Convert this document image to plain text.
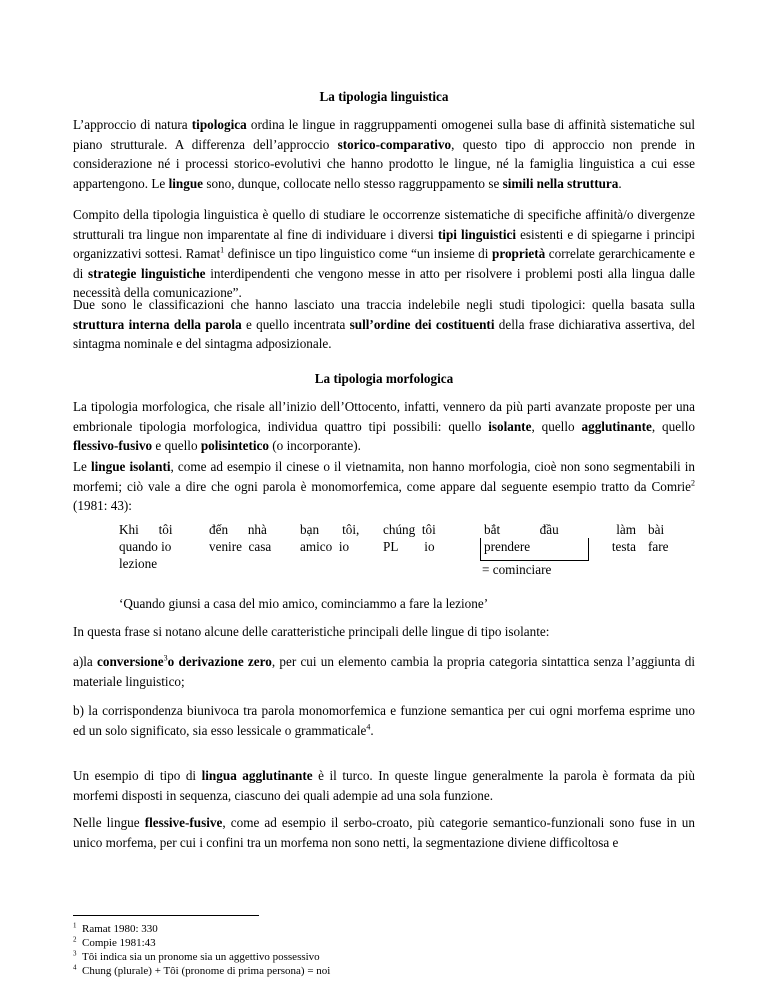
La tipologia linguistica
L’approccio di natura tipologica ordina le lingue in raggruppamenti omogenei sulla base di affinità sistematiche sul piano strutturale. A differenza dell’approccio storico-comparativo, questo tipo di approccio non prende in considerazione né i processi storico-evolutivi che hanno prodotto le lingue, né la famiglia linguistica a cui esse appartengono. Le lingue sono, dunque, collocate nello stesso raggruppamento se simili nella struttura.
Compito della tipologia linguistica è quello di studiare le occorrenze sistematiche di specifiche affinità/o divergenze strutturali tra lingue non imparentate al fine di individuare i diversi tipi linguistici esistenti e di spiegarne i principi organizzativi sottesi. Ramat$^1$ definisce un tipo linguistico come “un insieme di proprietà correlate gerarchicamente e di strategie linguistiche interdipendenti che vengono messe in atto per risolvere i problemi posti alla lingua dalle necessità della comunicazione”.
Due sono le classificazioni che hanno lasciato una traccia indelebile negli studi tipologici: quella basata sulla struttura interna della parola e quello incentrata sull’ordine dei costituenti della frase dichiarativa assertiva, del sintagma nominale e del sintagma adposizionale.
La tipologia morfologica
La tipologia morfologica, che risale all’inizio dell’Ottocento, infatti, vennero da più parti avanzate proposte per una embrionale tipologia morfologica, individua quattro tipi possibili: quello isolante, quello agglutinante, quello flessivo-fusivo e quello polisintetico (o incorporante).
Le lingue isolanti, come ad esempio il cinese o il vietnamita, non hanno morfologia, cioè non sono segmentabili in morfemi; ciò vale a dire che ogni parola è monomorfemica, come appare dal seguente esempio tratto da Comrie$^2$ (1981: 43):
Khi      tôi
quando io
lezione
đến      nhà
venire  casa
bạn       tôi,
amico  io
chúng  tôi
PL        io
bắt            đầu
prendere
làm
testa
bài
fare
= cominciare
‘Quando giunsi a casa del mio amico, cominciammo a fare la lezione’
In questa frase si notano alcune delle caratteristiche principali delle lingue di tipo isolante:
a)la conversione$^3$o derivazione zero, per cui un elemento cambia la propria categoria sintattica senza l’aggiunta di materiale linguistico;
b) la corrispondenza biunivoca tra parola monomorfemica e funzione semantica per cui ogni morfema esprime uno ed un solo significato, sia esso lessicale o grammaticale$^4$.
Un esempio di tipo di lingua agglutinante è il turco. In queste lingue generalmente la parola è formata da più morfemi disposti in sequenza, ciascuno dei quali adempie ad una sola funzione.
Nelle lingue flessive-fusive, come ad esempio il serbo-croato, più categorie semantico-funzionali sono fuse in un unico morfema, per cui i confini tra un morfema non sono netti, la segmentazione diviene difficoltosa e
$^1$ Ramat 1980: 330
$^2$ Compie 1981:43
$^3$ Tôi indica sia un pronome sia un aggettivo possessivo
$^4$ Chung (plurale) + Tôi (pronome di prima persona) = noi
